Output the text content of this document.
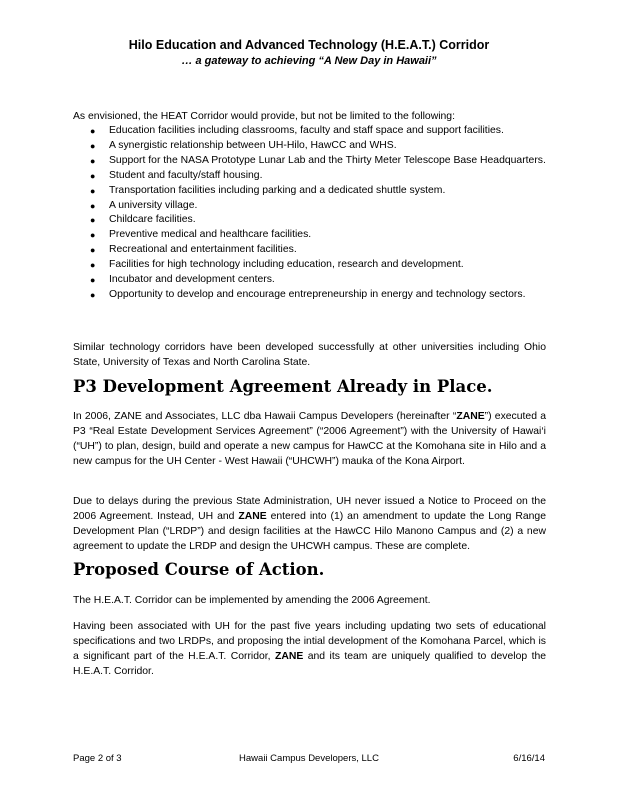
Hilo Education and Advanced Technology (H.E.A.T.) Corridor
… a gateway to achieving “A New Day in Hawaii”

As envisioned, the HEAT Corridor would provide, but not be limited to the following:

● Education facilities including classrooms, faculty and staff space and support facilities.
● A synergistic relationship between UH-Hilo, HawCC and WHS.
● Support for the NASA Prototype Lunar Lab and the Thirty Meter Telescope Base Headquarters.
● Student and faculty/staff housing.
● Transportation facilities including parking and a dedicated shuttle system.
● A university village.
● Childcare facilities.
● Preventive medical and healthcare facilities.
● Recreational and entertainment facilities.
● Facilities for high technology including education, research and development.
● Incubator and development centers.
● Opportunity to develop and encourage entrepreneurship in energy and technology sectors.

Similar technology corridors have been developed successfully at other universities including Ohio State, University of Texas and North Carolina State.

P3 Development Agreement Already in Place.

In 2006, ZANE and Associates, LLC dba Hawaii Campus Developers (hereinafter “ZANE”) executed a P3 “Real Estate Development Services Agreement” (“2006 Agreement”) with the University of Hawai‘i (“UH”) to plan, design, build and operate a new campus for HawCC at the Komohana site in Hilo and a new campus for the UH Center - West Hawaii (“UHCWH”) mauka of the Kona Airport.

Due to delays during the previous State Administration, UH never issued a Notice to Proceed on the 2006 Agreement. Instead, UH and ZANE entered into (1) an amendment to update the Long Range Development Plan (“LRDP”) and design facilities at the HawCC Hilo Manono Campus and (2) a new agreement to update the LRDP and design the UHCWH campus. These are complete.

Proposed Course of Action.

The H.E.A.T. Corridor can be implemented by amending the 2006 Agreement.

Having been associated with UH for the past five years including updating two sets of educational specifications and two LRDPs, and proposing the intial development of the Komohana Parcel, which is a significant part of the H.E.A.T. Corridor, ZANE and its team are uniquely qualified to develop the H.E.A.T. Corridor.

Page 2 of 3	Hawaii Campus Developers, LLC	6/16/14
